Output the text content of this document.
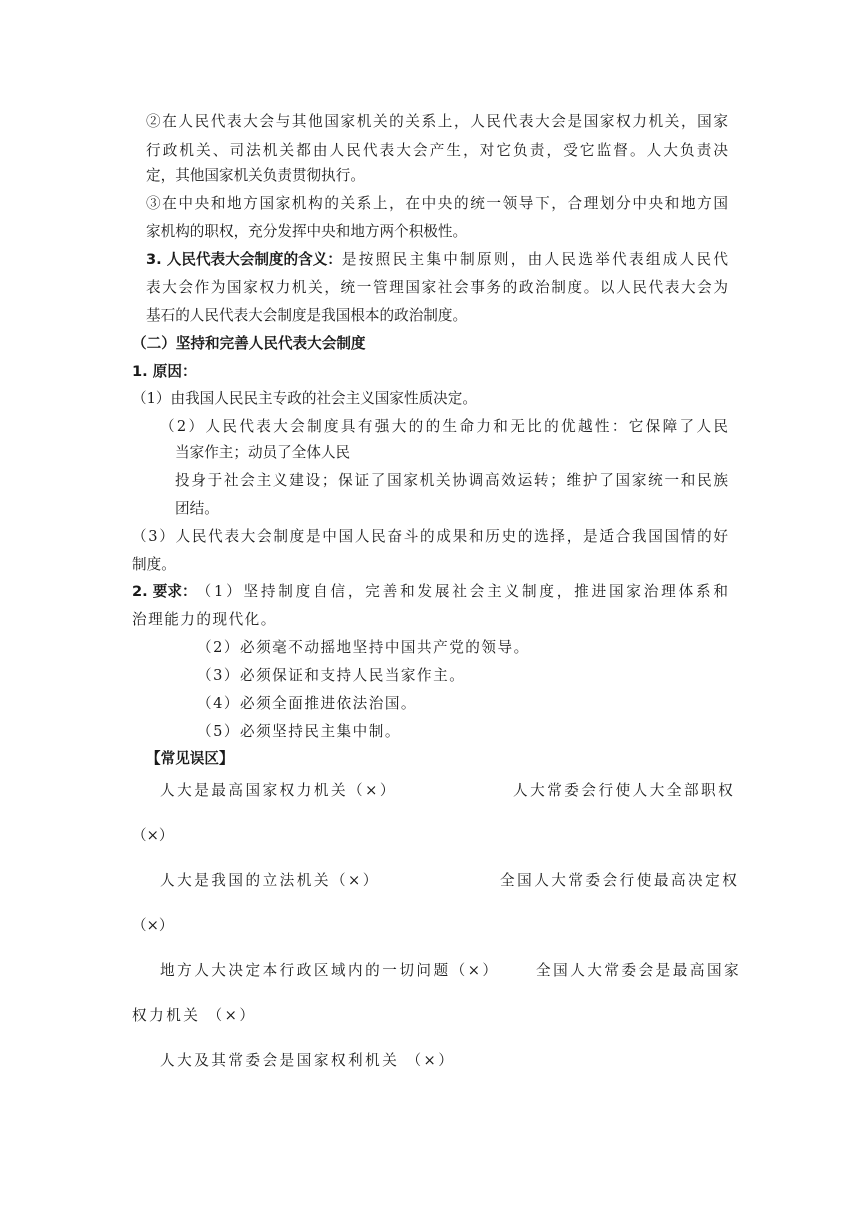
②在人民代表大会与其他国家机关的关系上，人民代表大会是国家权力机关，国家
行政机关、司法机关都由人民代表大会产生，对它负责，受它监督。人大负责决
定，其他国家机关负责贯彻执行。
③在中央和地方国家机构的关系上，在中央的统一领导下，合理划分中央和地方国
家机构的职权，充分发挥中央和地方两个积极性。
3. 人民代表大会制度的含义： 是按照民主集中制原则，由人民选举代表组成人民代
表大会作为国家权力机关，统一管理国家社会事务的政治制度。以人民代表大会为
基石的人民代表大会制度是我国根本的政治制度。
（二）坚持和完善人民代表大会制度
1. 原因：
（1）由我国人民民主专政的社会主义国家性质决定。
（2）人民代表大会制度具有强大的的生命力和无比的优越性：它保障了人民
当家作主；动员了全体人民
投身于社会主义建设；保证了国家机关协调高效运转；维护了国家统一和民族
团结。
（3）人民代表大会制度是中国人民奋斗的成果和历史的选择，是适合我国国情的好
制度。
2. 要求： （1）坚持制度自信，完善和发展社会主义制度，推进国家治理体系和
治理能力的现代化。
（2）必须毫不动摇地坚持中国共产党的领导。
（3）必须保证和支持人民当家作主。
（4）必须全面推进依法治国。
（5）必须坚持民主集中制。
【常见误区】
人大是最高国家权力机关（×）	人大常委会行使人大全部职权
（×）
人大是我国的立法机关（×）	全国人大常委会行使最高决定权
（×）
地方人大决定本行政区域内的一切问题（×） 全国人大常委会是最高国家
权力机关 （×）
人大及其常委会是国家权利机关 （×）
